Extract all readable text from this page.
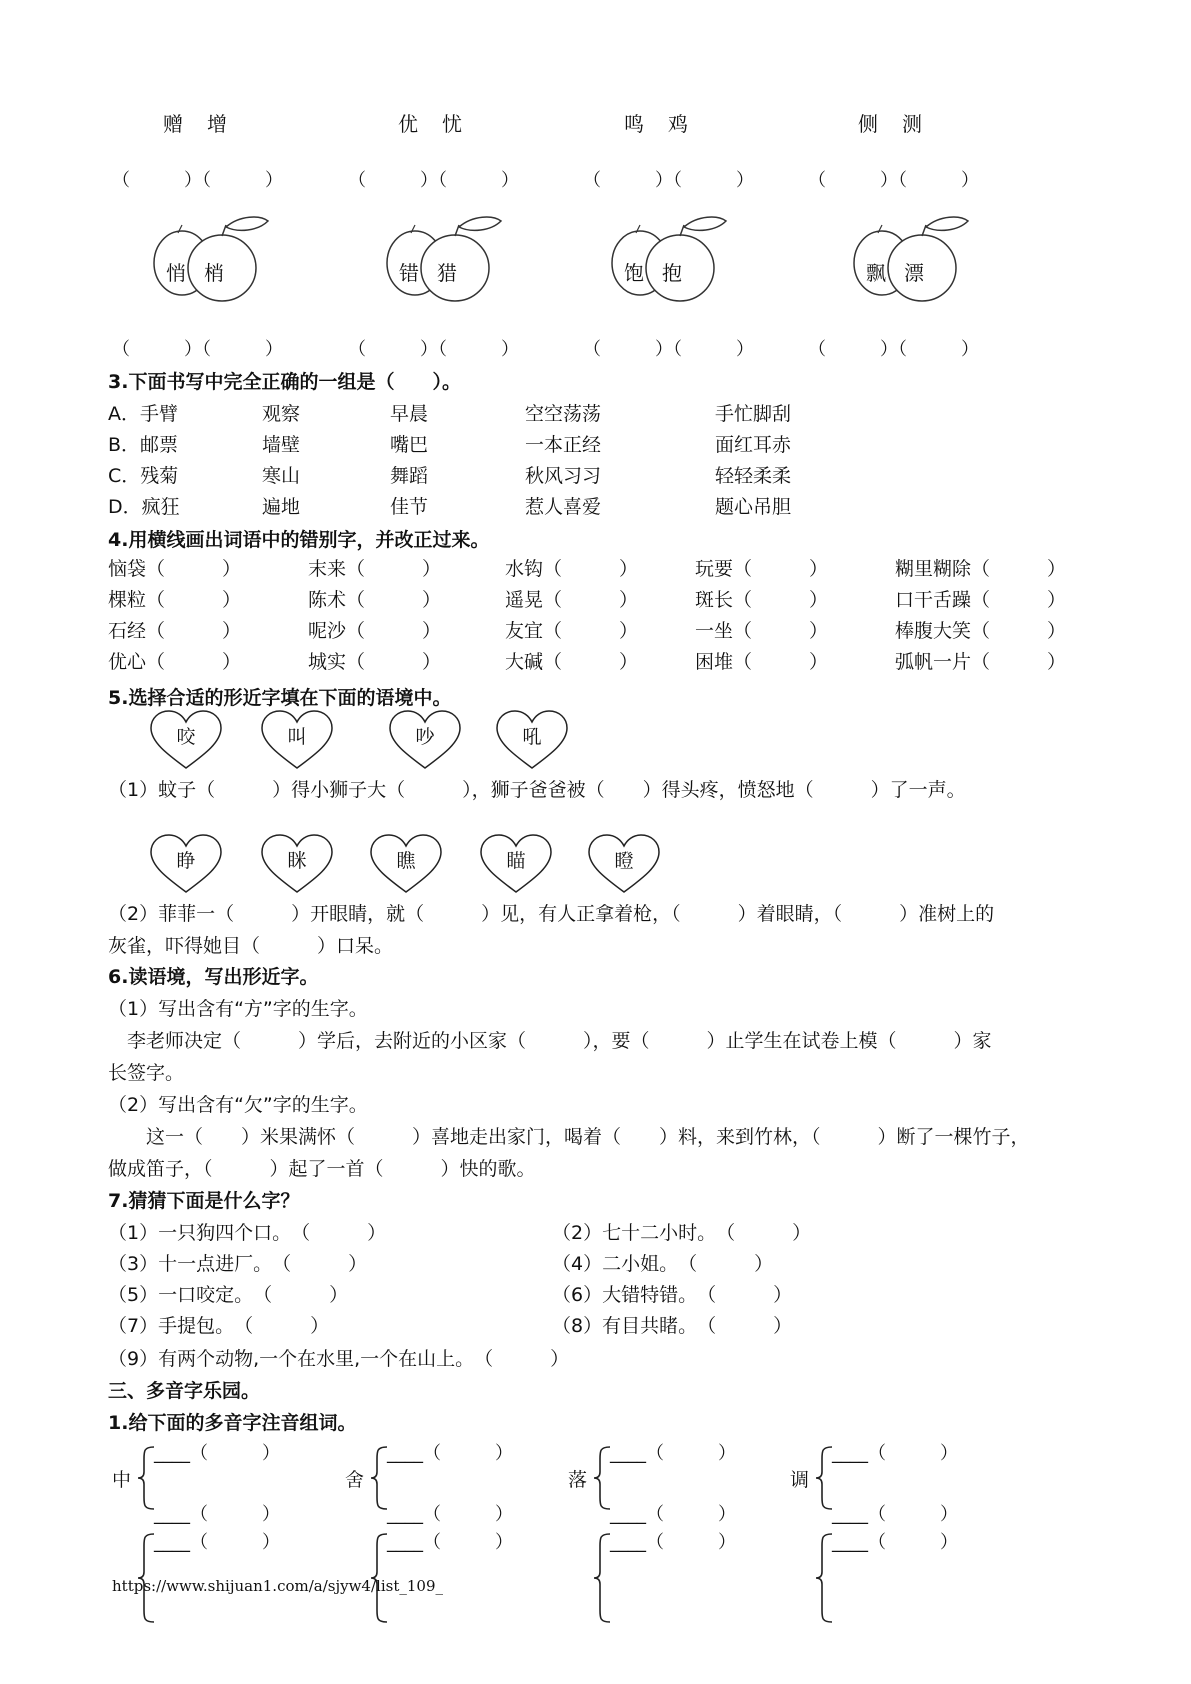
赠　增	优　忧	鸣　鸡	侧　测
（　　　）（　　　）	（　　　）（　　　）	（　　　）（　　　）	（　　　）（　　　）
悄 梢	错 猎	饱 抱	飘 漂
（　　　）（　　　）	（　　　）（　　　）	（　　　）（　　　）	（　　　）（　　　）
3.下面书写中完全正确的一组是（　　）。
A．手臂	观察	早晨	空空荡荡	手忙脚刮
B．邮票	墙壁	嘴巴	一本正经	面红耳赤
C．残菊	寒山	舞蹈	秋风习习	轻轻柔柔
D．疯狂	遍地	佳节	惹人喜爱	题心吊胆
4.用横线画出词语中的错别字，并改正过来。
恼袋（　　　）	末来（　　　）	水钩（　　　）	玩要（　　　）	糊里糊除（　　　）
棵粒（　　　）	陈术（　　　）	遥晃（　　　）	斑长（　　　）	口干舌躁（　　　）
石经（　　　）	呢沙（　　　）	友宜（　　　）	一坐（　　　）	棒腹大笑（　　　）
优心（　　　）	城实（　　　）	大碱（　　　）	困堆（　　　）	弧帆一片（　　　）
5.选择合适的形近字填在下面的语境中。
咬	叫	吵	吼
（1）蚊子（　　　）得小狮子大（　　　），狮子爸爸被（　　）得头疼，愤怒地（　　　）了一声。
睁	眯	瞧	瞄	瞪
（2）菲菲一（　　　）开眼睛，就（　　　）见，有人正拿着枪，（　　　）着眼睛，（　　　）准树上的
灰雀，吓得她目（　　　）口呆。
6.读语境，写出形近字。
（1）写出含有“方”字的生字。
　李老师决定（　　　）学后，去附近的小区家（　　　），要（　　　）止学生在试卷上模（　　　）家
长签字。
（2）写出含有“欠”字的生字。
　　这一（　　）米果满怀（　　　）喜地走出家门，喝着（　　）料，来到竹林，（　　　）断了一棵竹子，
做成笛子，（　　　）起了一首（　　　）快的歌。
7.猜猜下面是什么字？
（1）一只狗四个口。　（　　　）	（2）七十二小时。　（　　　）
（3）十一点进厂。　（　　　）	（4）二小姐。　（　　　）
（5）一口咬定。　（　　　）	（6）大错特错。　（　　　）
（7）手提包。　（　　　）	（8）有目共睹。　（　　　）
（9）有两个动物,一个在水里,一个在山上。　（　　　）
三、多音字乐园。
1.给下面的多音字注音组词。
中
____（　　　）
____（　　　）
____（　　　）
舍
____（　　　）
____（　　　）
____（　　　）
落
____（　　　）
____（　　　）
____（　　　）
调
____（　　　）
____（　　　）
____（　　　）
https://www.shijuan1.com/a/sjyw4/list_109_
